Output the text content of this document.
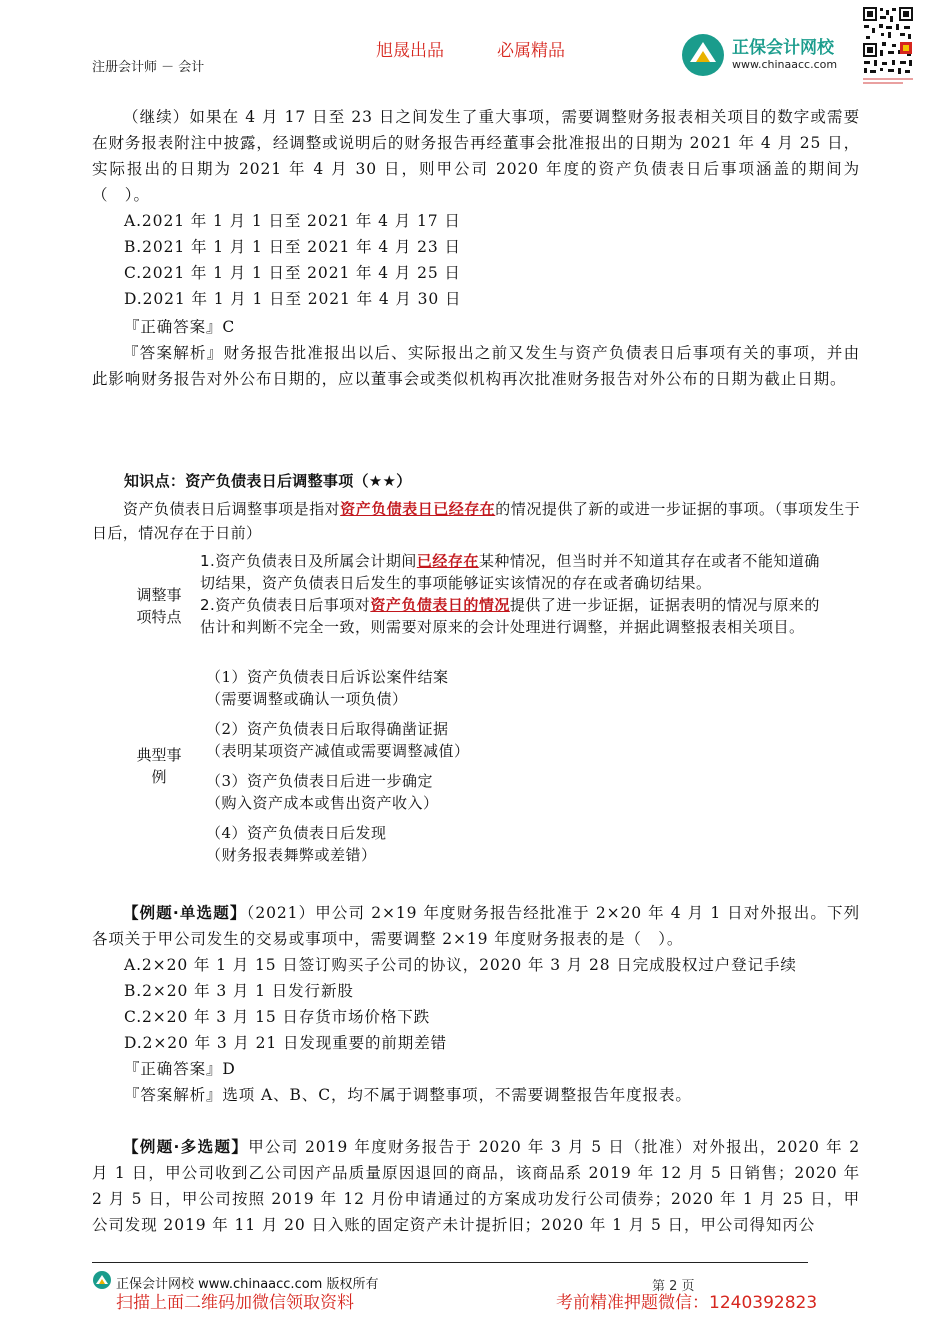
注册会计师 － 会计
旭晟出品	必属精品	正保会计网校
www.chinaacc.com
（继续）如果在 4 月 17 日至 23 日之间发生了重大事项，需要调整财务报表相关项目的数字或需要在财务报表附注中披露，经调整或说明后的财务报告再经董事会批准报出的日期为 2021 年 4 月 25 日，实际报出的日期为 2021 年 4 月 30 日，则甲公司 2020 年度的资产负债表日后事项涵盖的期间为（　）。
A.2021 年 1 月 1 日至 2021 年 4 月 17 日
B.2021 年 1 月 1 日至 2021 年 4 月 23 日
C.2021 年 1 月 1 日至 2021 年 4 月 25 日
D.2021 年 1 月 1 日至 2021 年 4 月 30 日
『正确答案』C
『答案解析』财务报告批准报出以后、实际报出之前又发生与资产负债表日后事项有关的事项，并由此影响财务报告对外公布日期的，应以董事会或类似机构再次批准财务报告对外公布的日期为截止日期。
知识点：资产负债表日后调整事项（★★）
资产负债表日后调整事项是指对资产负债表日已经存在的情况提供了新的或进一步证据的事项。（事项发生于日后，情况存在于日前）
调整事
项特点
1.资产负债表日及所属会计期间已经存在某种情况，但当时并不知道其存在或者不能知道确切结果，资产负债表日后发生的事项能够证实该情况的存在或者确切结果。
2.资产负债表日后事项对资产负债表日的情况提供了进一步证据，证据表明的情况与原来的估计和判断不完全一致，则需要对原来的会计处理进行调整，并据此调整报表相关项目。
典型事
例
（1）资产负债表日后诉讼案件结案
（需要调整或确认一项负债）
（2）资产负债表日后取得确凿证据
（表明某项资产减值或需要调整减值）
（3）资产负债表日后进一步确定
（购入资产成本或售出资产收入）
（4）资产负债表日后发现
（财务报表舞弊或差错）
【例题·单选题】（2021）甲公司 2×19 年度财务报告经批准于 2×20 年 4 月 1 日对外报出。下列各项关于甲公司发生的交易或事项中，需要调整 2×19 年度财务报表的是（　）。
A.2×20 年 1 月 15 日签订购买子公司的协议，2020 年 3 月 28 日完成股权过户登记手续
B.2×20 年 3 月 1 日发行新股
C.2×20 年 3 月 15 日存货市场价格下跌
D.2×20 年 3 月 21 日发现重要的前期差错
『正确答案』D
『答案解析』选项 A、B、C，均不属于调整事项，不需要调整报告年度报表。
【例题·多选题】甲公司 2019 年度财务报告于 2020 年 3 月 5 日（批准）对外报出，2020 年 2 月 1 日，甲公司收到乙公司因产品质量原因退回的商品，该商品系 2019 年 12 月 5 日销售；2020 年 2 月 5 日，甲公司按照 2019 年 12 月份申请通过的方案成功发行公司债券；2020 年 1 月 25 日，甲公司发现 2019 年 11 月 20 日入账的固定资产未计提折旧；2020 年 1 月 5 日，甲公司得知丙公
正保会计网校 www.chinaacc.com 版权所有	第 2 页
扫描上面二维码加微信领取资料	考前精准押题微信：1240392823
